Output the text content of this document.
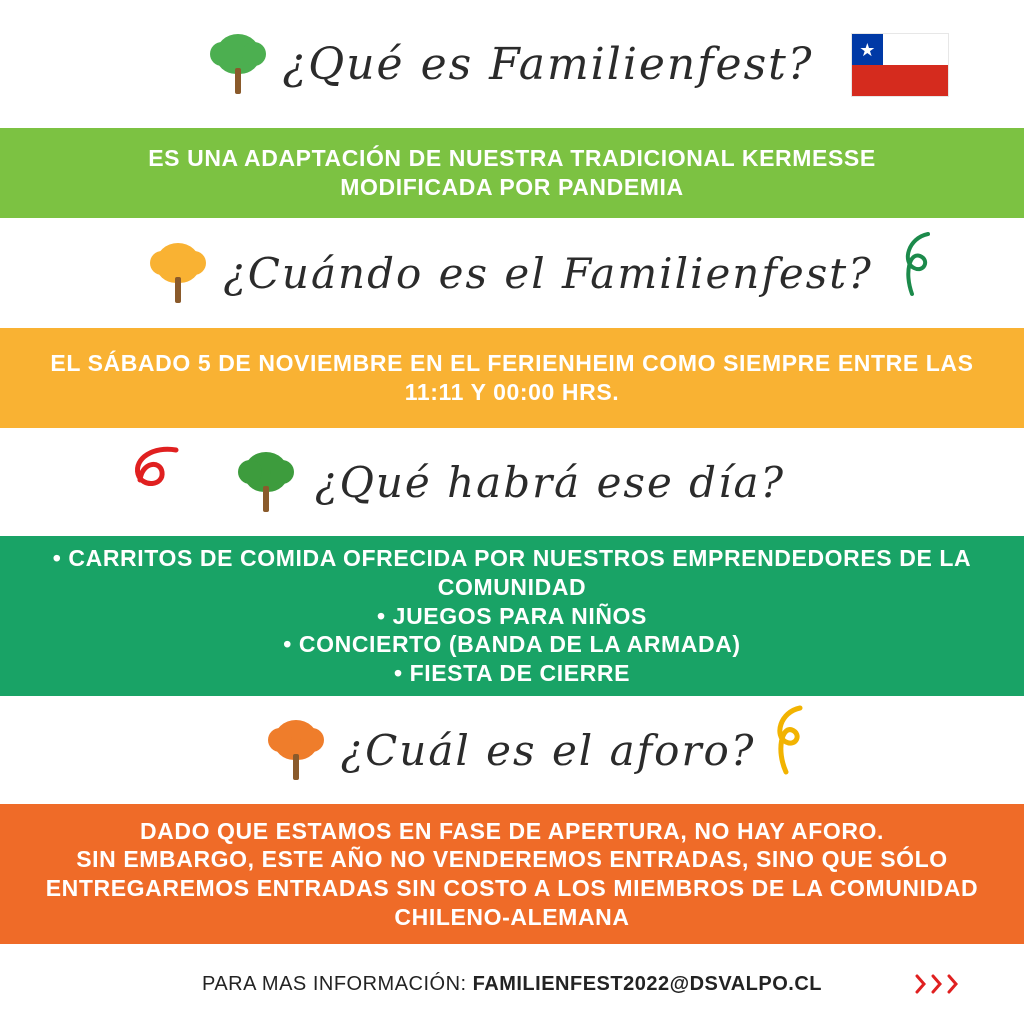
¿Qué es Familienfest?	★
ES UNA ADAPTACIÓN DE NUESTRA TRADICIONAL KERMESSE
MODIFICADA POR PANDEMIA
¿Cuándo es el Familienfest?
EL SÁBADO 5 DE NOVIEMBRE EN EL FERIENHEIM COMO SIEMPRE ENTRE LAS
11:11 Y 00:00 HRS.
¿Qué habrá ese día?
• CARRITOS DE COMIDA OFRECIDA POR NUESTROS EMPRENDEDORES DE LA
COMUNIDAD
• JUEGOS PARA NIÑOS
• CONCIERTO (BANDA DE LA ARMADA)
• FIESTA DE CIERRE
¿Cuál es el aforo?
DADO QUE ESTAMOS EN FASE DE APERTURA, NO HAY AFORO.
SIN EMBARGO, ESTE AÑO NO VENDEREMOS ENTRADAS, SINO QUE SÓLO
ENTREGAREMOS ENTRADAS SIN COSTO A LOS MIEMBROS DE LA COMUNIDAD
CHILENO-ALEMANA
PARA MAS INFORMACIÓN: FAMILIENFEST2022@DSVALPO.CL
